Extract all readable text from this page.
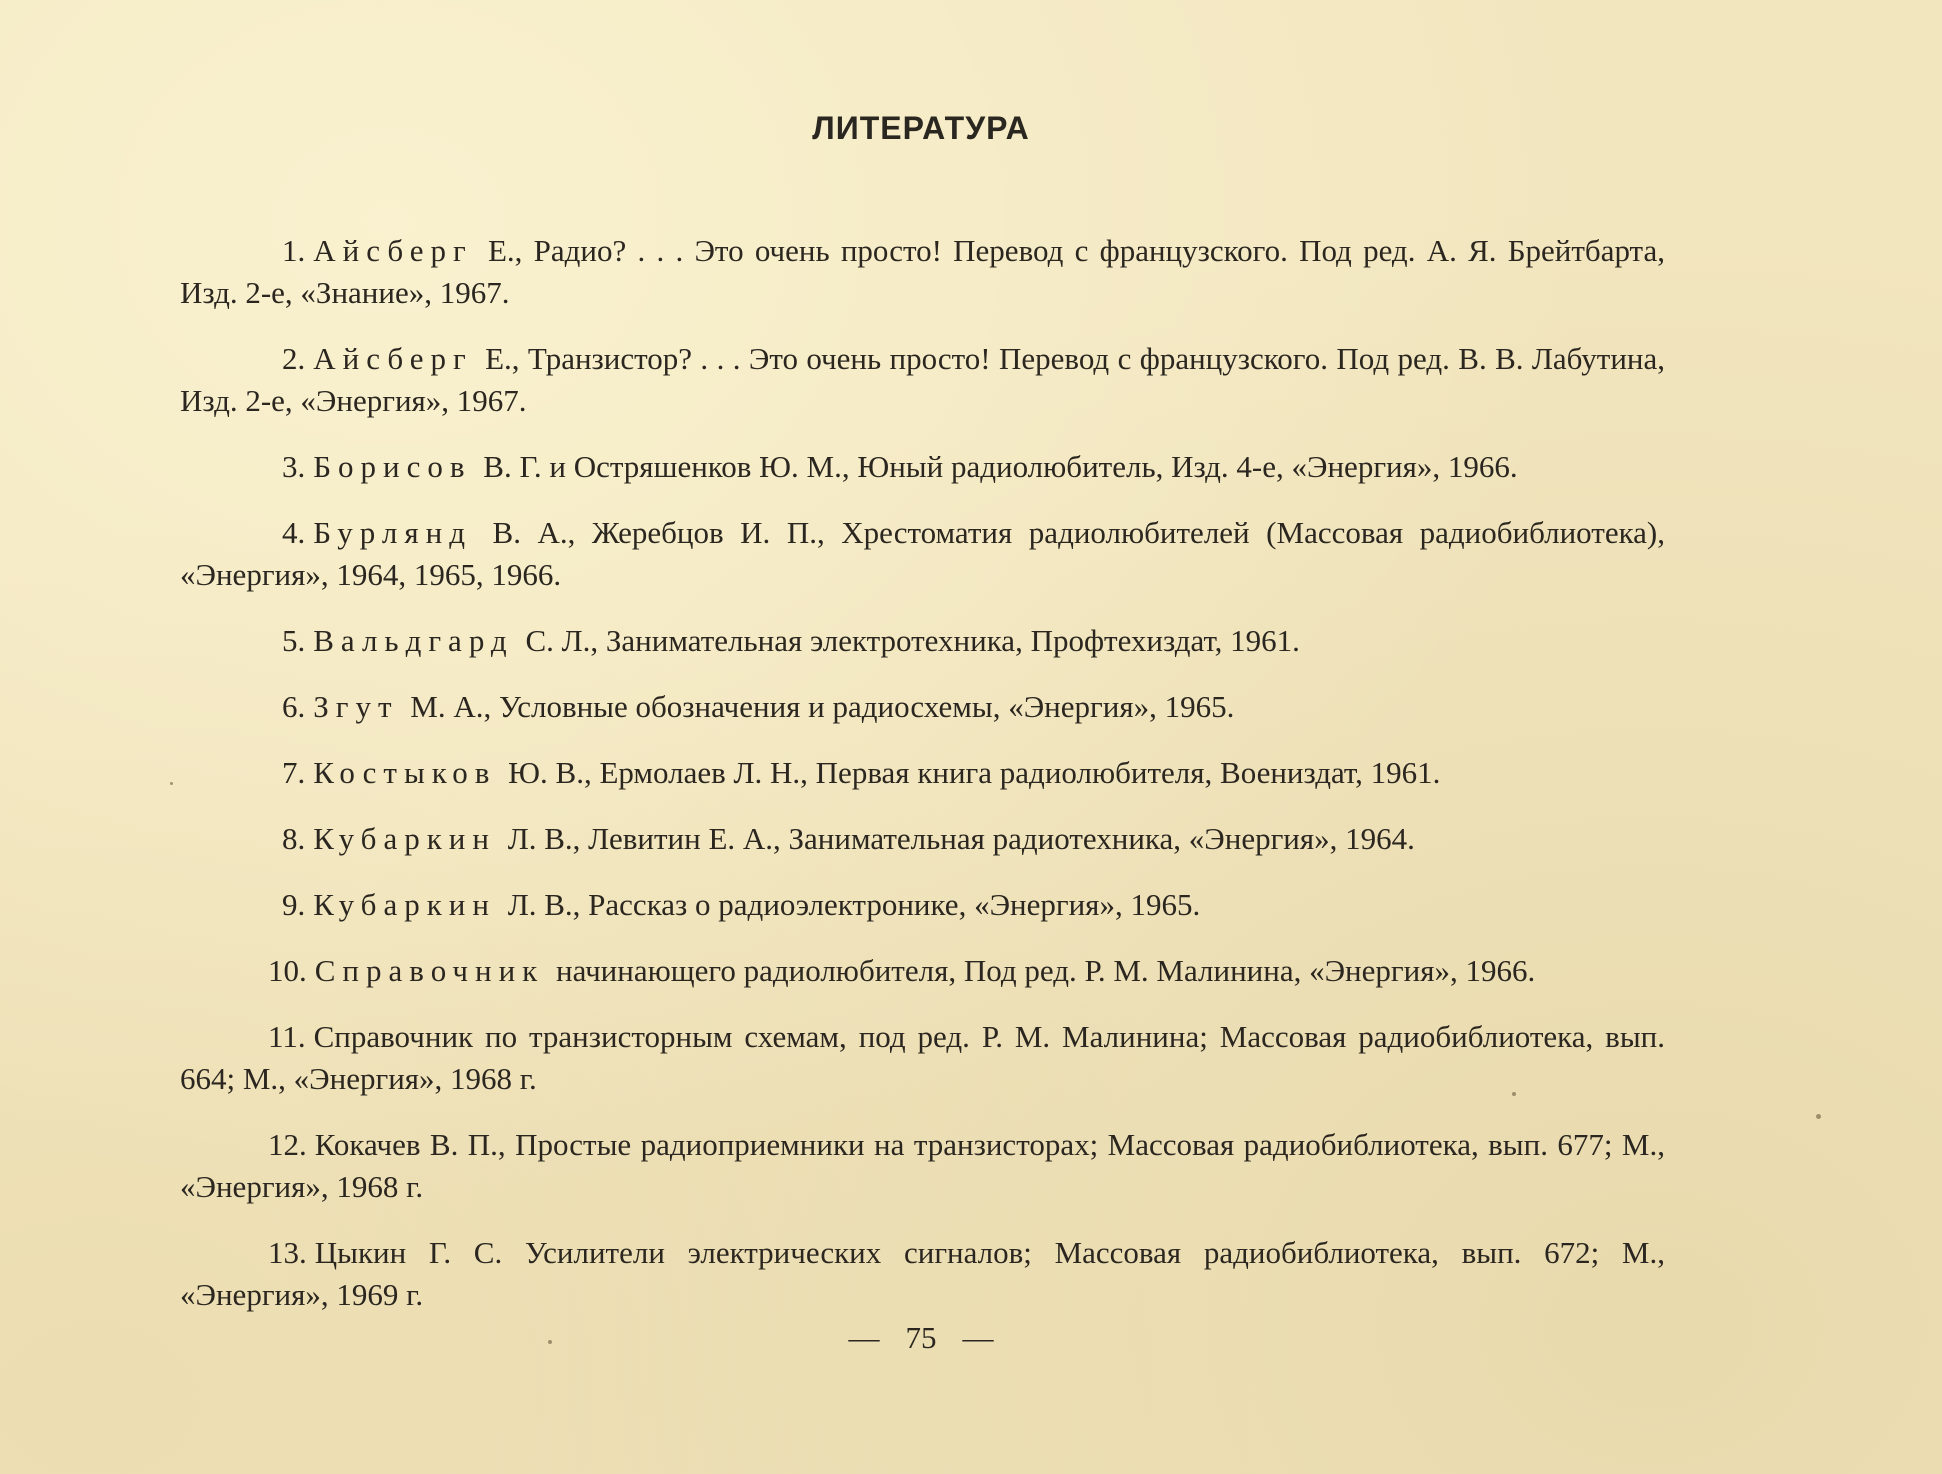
ЛИТЕРАТУРА
1. Айсберг Е., Радио? . . . Это очень просто! Перевод с французского. Под ред. А. Я. Брейтбарта, Изд. 2-е, «Знание», 1967.
2. Айсберг Е., Транзистор? . . . Это очень просто! Перевод с французского. Под ред. В. В. Лабутина, Изд. 2-е, «Энергия», 1967.
3. Борисов В. Г. и Остряшенков Ю. М., Юный радиолюбитель, Изд. 4-е, «Энергия», 1966.
4. Бурлянд В. А., Жеребцов И. П., Хрестоматия радиолюбителей (Массовая радиобиблиотека), «Энергия», 1964, 1965, 1966.
5. Вальдгард С. Л., Занимательная электротехника, Профтехиздат, 1961.
6. Згут М. А., Условные обозначения и радиосхемы, «Энергия», 1965.
7. Костыков Ю. В., Ермолаев Л. Н., Первая книга радиолюбителя, Воениздат, 1961.
8. Кубаркин Л. В., Левитин Е. А., Занимательная радиотехника, «Энергия», 1964.
9. Кубаркин Л. В., Рассказ о радиоэлектронике, «Энергия», 1965.
10. Справочник начинающего радиолюбителя, Под ред. Р. М. Малинина, «Энергия», 1966.
11. Справочник по транзисторным схемам, под ред. Р. М. Малинина; Массовая радиобиблиотека, вып. 664; М., «Энергия», 1968 г.
12. Кокачев В. П., Простые радиоприемники на транзисторах; Массовая радиобиблиотека, вып. 677; М., «Энергия», 1968 г.
13. Цыкин Г. С. Усилители электрических сигналов; Массовая радиобиблиотека, вып. 672; М., «Энергия», 1969 г.
— 75 —
